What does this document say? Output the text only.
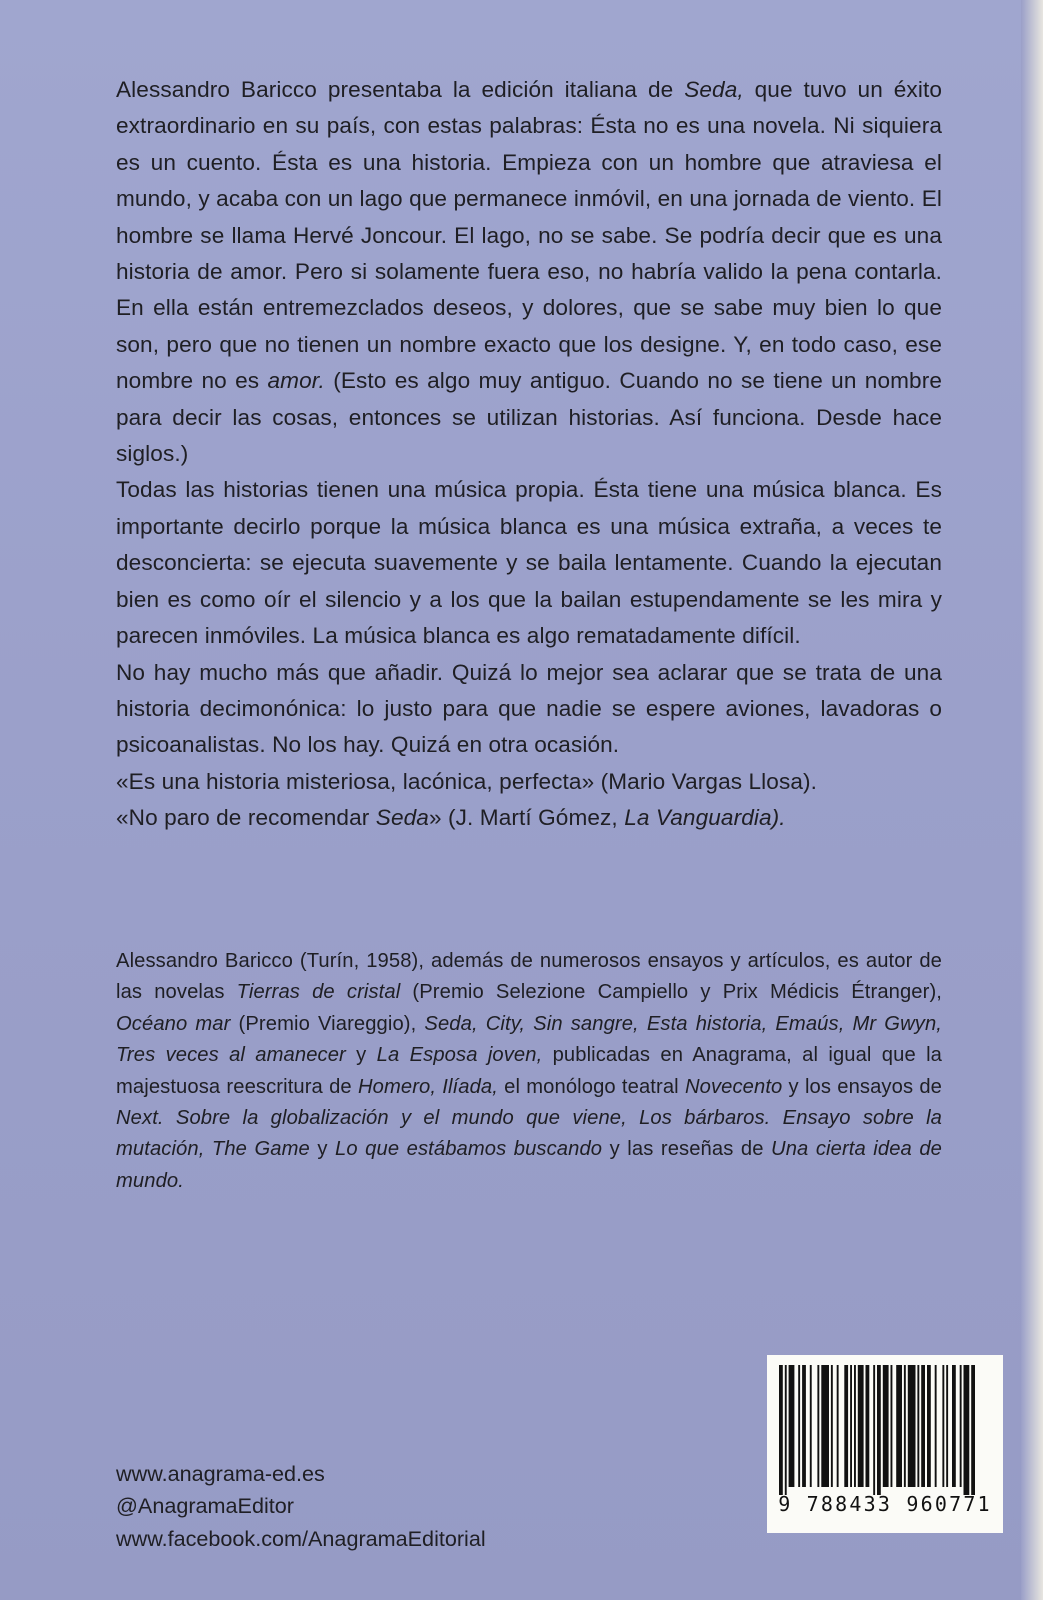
Alessandro Baricco presentaba la edición italiana de Seda, que tuvo un éxito extraordinario en su país, con estas palabras: Ésta no es una novela. Ni siquiera es un cuento. Ésta es una historia. Empieza con un hombre que atraviesa el mundo, y acaba con un lago que permanece inmóvil, en una jornada de viento. El hombre se llama Hervé Joncour. El lago, no se sabe. Se podría decir que es una historia de amor. Pero si solamente fuera eso, no habría valido la pena contarla. En ella están entremezclados deseos, y dolores, que se sabe muy bien lo que son, pero que no tienen un nombre exacto que los designe. Y, en todo caso, ese nombre no es amor. (Esto es algo muy antiguo. Cuando no se tiene un nombre para decir las cosas, entonces se utilizan historias. Así funciona. Desde hace siglos.)

Todas las historias tienen una música propia. Ésta tiene una música blanca. Es importante decirlo porque la música blanca es una música extraña, a veces te desconcierta: se ejecuta suavemente y se baila lentamente. Cuando la ejecutan bien es como oír el silencio y a los que la bailan estupendamente se les mira y parecen inmóviles. La música blanca es algo rematadamente difícil.

No hay mucho más que añadir. Quizá lo mejor sea aclarar que se trata de una historia decimonónica: lo justo para que nadie se espere aviones, lavadoras o psicoanalistas. No los hay. Quizá en otra ocasión.

«Es una historia misteriosa, lacónica, perfecta» (Mario Vargas Llosa).

«No paro de recomendar Seda» (J. Martí Gómez, La Vanguardia).

Alessandro Baricco (Turín, 1958), además de numerosos ensayos y artículos, es autor de las novelas Tierras de cristal (Premio Selezione Campiello y Prix Médicis Étranger), Océano mar (Premio Viareggio), Seda, City, Sin sangre, Esta historia, Emaús, Mr Gwyn, Tres veces al amanecer y La Esposa joven, publicadas en Anagrama, al igual que la majestuosa reescritura de Homero, Ilíada, el monólogo teatral Novecento y los ensayos de Next. Sobre la globalización y el mundo que viene, Los bárbaros. Ensayo sobre la mutación, The Game y Lo que estábamos buscando y las reseñas de Una cierta idea de mundo.

www.anagrama-ed.es
@AnagramaEditor
www.facebook.com/AnagramaEditorial
9 788433 960771
